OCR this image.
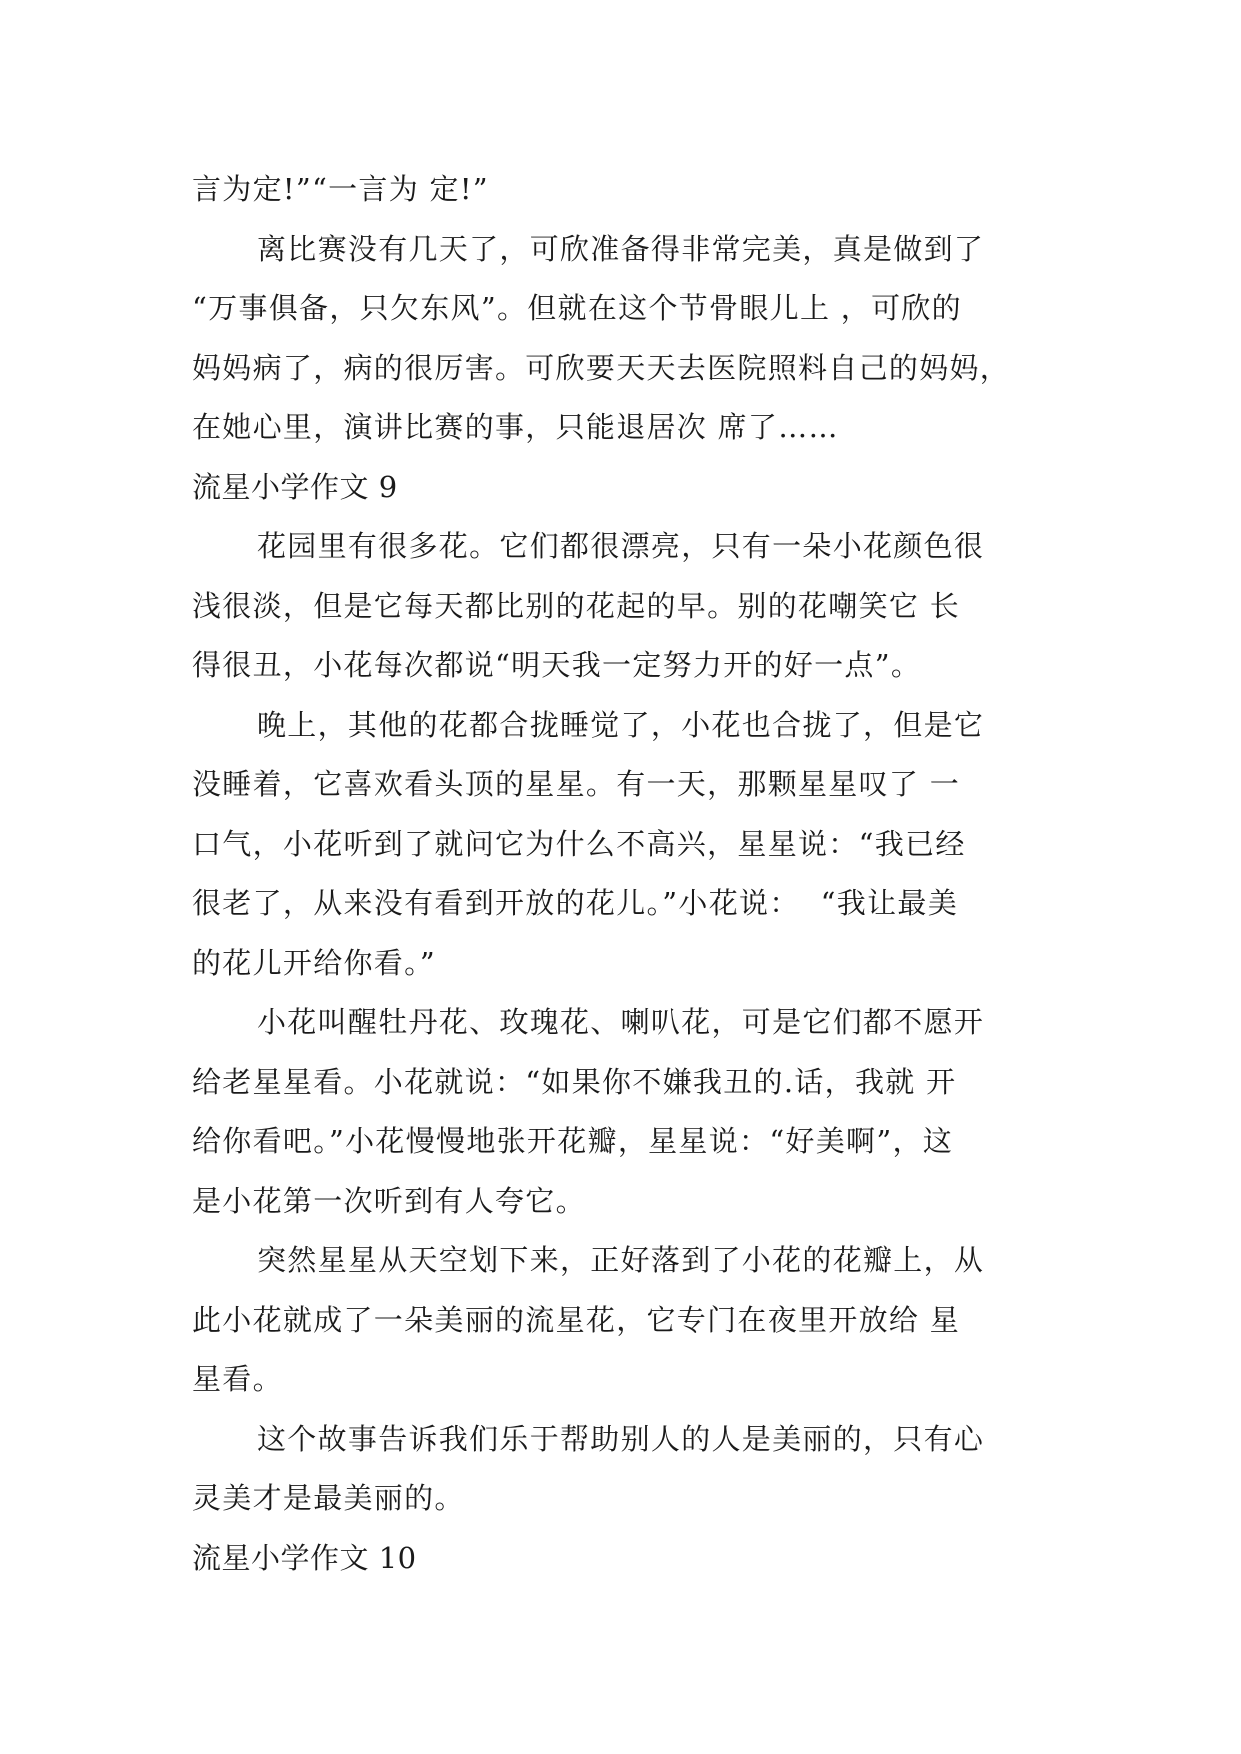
言为定!”“一言为 定!”
离比赛没有几天了，可欣准备得非常完美，真是做到了
“万事俱备，只欠东风”。但就在这个节骨眼儿上 ，可欣的
妈妈病了，病的很厉害。可欣要天天去医院照料自己的妈妈，
在她心里，演讲比赛的事，只能退居次 席了……
流星小学作文 9
花园里有很多花。它们都很漂亮，只有一朵小花颜色很
浅很淡，但是它每天都比别的花起的早。别的花嘲笑它 长
得很丑，小花每次都说“明天我一定努力开的好一点”。
晚上，其他的花都合拢睡觉了，小花也合拢了，但是它
没睡着，它喜欢看头顶的星星。有一天，那颗星星叹了 一
口气，小花听到了就问它为什么不高兴，星星说：“我已经
很老了，从来没有看到开放的花儿。”小花说：  “我让最美
的花儿开给你看。”
小花叫醒牡丹花、玫瑰花、喇叭花，可是它们都不愿开
给老星星看。小花就说：“如果你不嫌我丑的.话，我就 开
给你看吧。”小花慢慢地张开花瓣，星星说：“好美啊”，这
是小花第一次听到有人夸它。
突然星星从天空划下来，正好落到了小花的花瓣上，从
此小花就成了一朵美丽的流星花，它专门在夜里开放给 星
星看。
这个故事告诉我们乐于帮助别人的人是美丽的，只有心
灵美才是最美丽的。
流星小学作文 10
